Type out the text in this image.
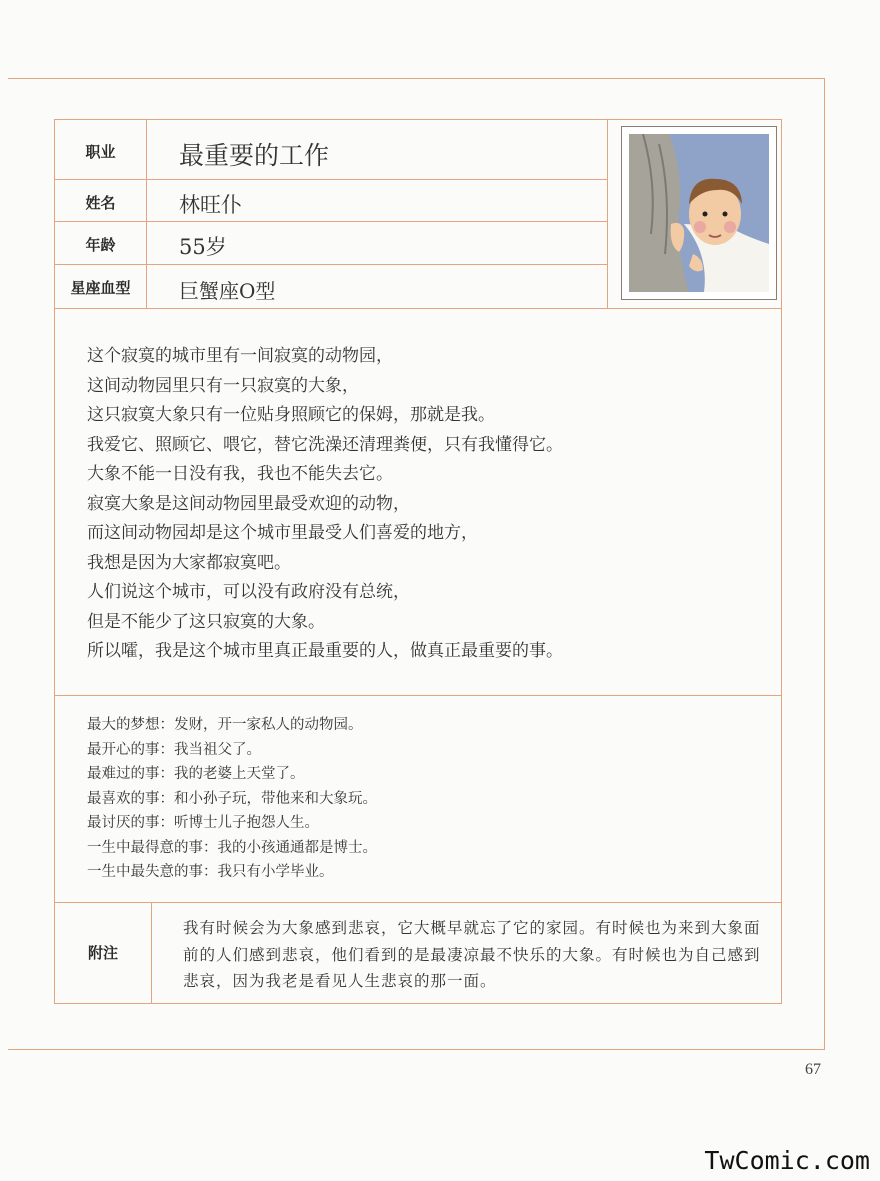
职业
姓名
年龄
星座血型
最重要的工作
林旺仆
55岁
巨蟹座O型
这个寂寞的城市里有一间寂寞的动物园，
这间动物园里只有一只寂寞的大象，
这只寂寞大象只有一位贴身照顾它的保姆，那就是我。
我爱它、照顾它、喂它，替它洗澡还清理粪便，只有我懂得它。
大象不能一日没有我，我也不能失去它。
寂寞大象是这间动物园里最受欢迎的动物，
而这间动物园却是这个城市里最受人们喜爱的地方，
我想是因为大家都寂寞吧。
人们说这个城市，可以没有政府没有总统，
但是不能少了这只寂寞的大象。
所以嚯，我是这个城市里真正最重要的人，做真正最重要的事。
最大的梦想：发财，开一家私人的动物园。
最开心的事：我当祖父了。
最难过的事：我的老婆上天堂了。
最喜欢的事：和小孙子玩，带他来和大象玩。
最讨厌的事：听博士儿子抱怨人生。
一生中最得意的事：我的小孩通通都是博士。
一生中最失意的事：我只有小学毕业。
附注
我有时候会为大象感到悲哀，它大概早就忘了它的家园。有时候也为来到大象面前的人们感到悲哀，他们看到的是最凄凉最不快乐的大象。有时候也为自己感到悲哀，因为我老是看见人生悲哀的那一面。
67
TwComic.com
